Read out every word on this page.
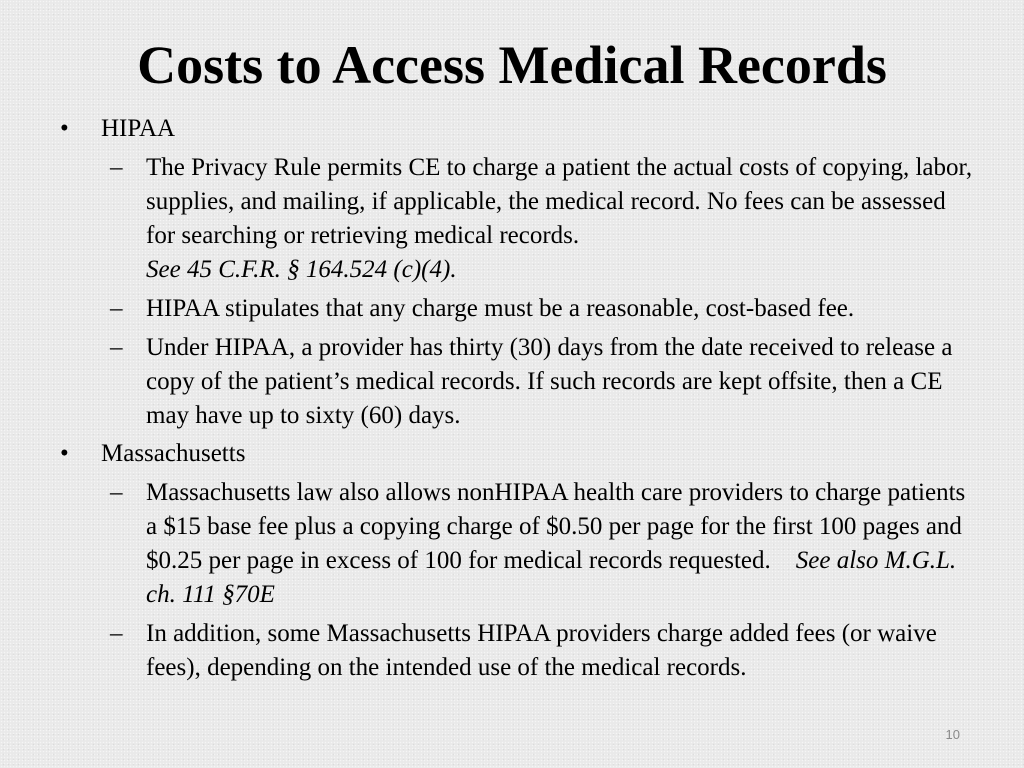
Costs to Access Medical Records
•	HIPAA
– The Privacy Rule permits CE to charge a patient the actual costs of copying, labor, supplies, and mailing, if applicable, the medical record. No fees can be assessed for searching or retrieving medical records.
See 45 C.F.R. § 164.524 (c)(4).
– HIPAA stipulates that any charge must be a reasonable, cost-based fee.
– Under HIPAA, a provider has thirty (30) days from the date received to release a copy of the patient’s medical records. If such records are kept offsite, then a CE may have up to sixty (60) days.
•	Massachusetts
– Massachusetts law also allows nonHIPAA health care providers to charge patients a $15 base fee plus a copying charge of $0.50 per page for the first 100 pages and $0.25 per page in excess of 100 for medical records requested. See also M.G.L. ch. 111 §70E
– In addition, some Massachusetts HIPAA providers charge added fees (or waive fees), depending on the intended use of the medical records.
10
